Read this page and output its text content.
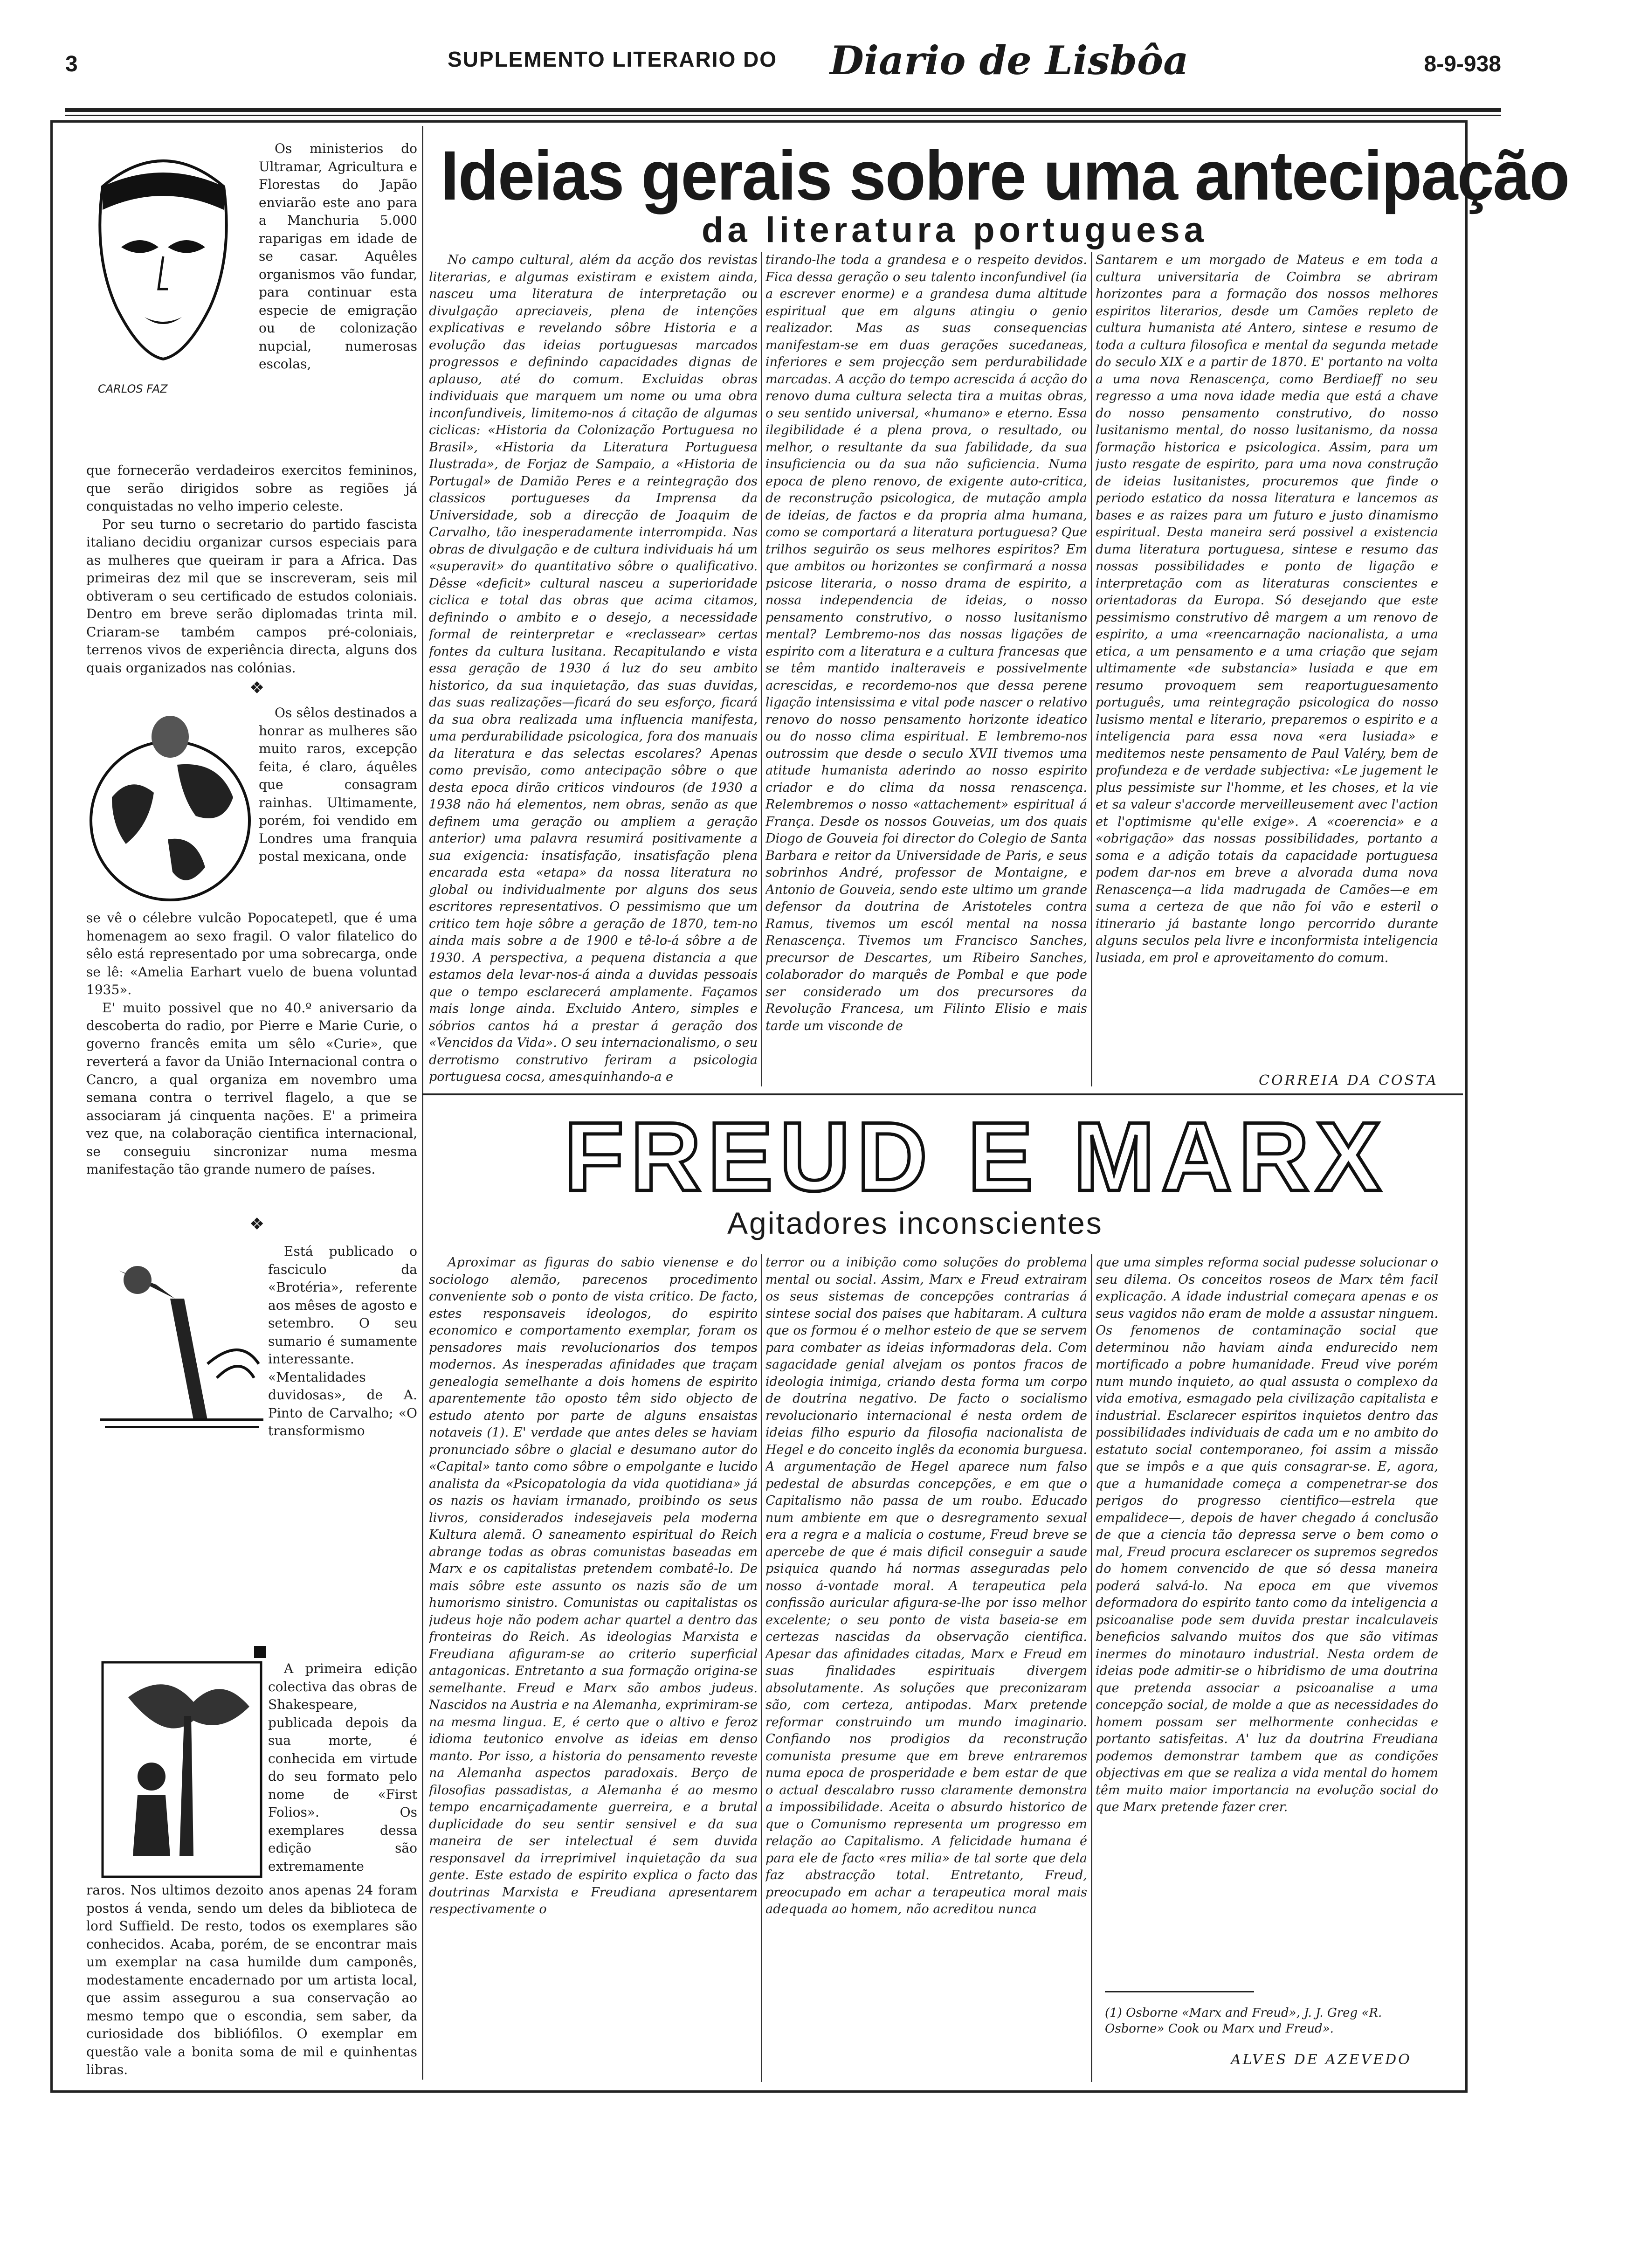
3	SUPLEMENTO LITERARIO DO Diario de Lisbôa	8-9-938
CARLOS FAZ

Os ministerios do Ultramar, Agricultura e Florestas do Japão enviarão este ano para a Manchuria 5.000 raparigas em idade de se casar. Aquêles organismos vão fundar, para continuar esta especie de emigração ou de colonização nupcial, numerosas escolas,

que fornecerão verdadeiros exercitos femininos, que serão dirigidos sobre as regiões já conquistadas no velho imperio celeste.

Por seu turno o secretario do partido fascista italiano decidiu organizar cursos especiais para as mulheres que queiram ir para a Africa. Das primeiras dez mil que se inscreveram, seis mil obtiveram o seu certificado de estudos coloniais. Dentro em breve serão diplomadas trinta mil. Criaram-se também campos pré-coloniais, terrenos vivos de experiência directa, alguns dos quais organizados nas colónias.

❖

Os sêlos destinados a honrar as mulheres são muito raros, excepção feita, é claro, áquêles que consagram rainhas. Ultimamente, porém, foi vendido em Londres uma franquia postal mexicana, onde

se vê o célebre vulcão Popocatepetl, que é uma homenagem ao sexo fragil. O valor filatelico do sêlo está representado por uma sobrecarga, onde se lê: «Amelia Earhart vuelo de buena voluntad 1935».

E' muito possivel que no 40.º aniversario da descoberta do radio, por Pierre e Marie Curie, o governo francês emita um sêlo «Curie», que reverterá a favor da União Internacional contra o Cancro, a qual organiza em novembro uma semana contra o terrivel flagelo, a que se associaram já cinquenta nações. E' a primeira vez que, na colaboração cientifica internacional, se conseguiu sincronizar numa mesma manifestação tão grande numero de países.

❖

Está publicado o fasciculo da «Brotéria», referente aos mêses de agosto e setembro. O seu sumario é sumamente interessante. «Mentalidades duvidosas», de A. Pinto de Carvalho; «O transformismo

A primeira edição colectiva das obras de Shakespeare, publicada depois da sua morte, é conhecida em virtude do seu formato pelo nome de «First Folios». Os exemplares dessa edição são extremamente

raros. Nos ultimos dezoito anos apenas 24 foram postos á venda, sendo um deles da biblioteca de lord Suffield. De resto, todos os exemplares são conhecidos. Acaba, porém, de se encontrar mais um exemplar na casa humilde dum camponês, modestamente encadernado por um artista local, que assim assegurou a sua conservação ao mesmo tempo que o escondia, sem saber, da curiosidade dos bibliófilos. O exemplar em questão vale a bonita soma de mil e quinhentas libras.

Ideias gerais sobre uma antecipação
da literatura portuguesa

No campo cultural, além da acção dos revistas literarias, e algumas existiram e existem ainda, nasceu uma literatura de interpretação ou divulgação apreciaveis, plena de intenções explicativas e revelando sôbre Historia e a evolução das ideias portuguesas marcados progressos e definindo capacidades dignas de aplauso, até do comum. Excluidas obras individuais que marquem um nome ou uma obra inconfundiveis, limitemo-nos á citação de algumas ciclicas: «Historia da Colonização Portuguesa no Brasil», «Historia da Literatura Portuguesa Ilustrada», de Forjaz de Sampaio, a «Historia de Portugal» de Damião Peres e a reintegração dos classicos portugueses da Imprensa da Universidade, sob a direcção de Joaquim de Carvalho, tão inesperadamente interrompida. Nas obras de divulgação e de cultura individuais há um «superavit» do quantitativo sôbre o qualificativo. Dêsse «deficit» cultural nasceu a superioridade ciclica e total das obras que acima citamos, definindo o ambito e o desejo, a necessidade formal de reinterpretar e «reclassear» certas fontes da cultura lusitana. Recapitulando e vista essa geração de 1930 á luz do seu ambito historico, da sua inquietação, das suas duvidas, das suas realizações—ficará do seu esforço, ficará da sua obra realizada uma influencia manifesta, uma perdurabilidade psicologica, fora dos manuais da literatura e das selectas escolares? Apenas como previsão, como antecipação sôbre o que desta epoca dirão criticos vindouros (de 1930 a 1938 não há elementos, nem obras, senão as que definem uma geração ou ampliem a geração anterior) uma palavra resumirá positivamente a sua exigencia: insatisfação, insatisfação plena encarada esta «etapa» da nossa literatura no global ou individualmente por alguns dos seus escritores representativos. O pessimismo que um critico tem hoje sôbre a geração de 1870, tem-no ainda mais sobre a de 1900 e tê-lo-á sôbre a de 1930. A perspectiva, a pequena distancia a que estamos dela levar-nos-á ainda a duvidas pessoais que o tempo esclarecerá amplamente. Façamos mais longe ainda. Excluido Antero, simples e sóbrios cantos há a prestar á geração dos «Vencidos da Vida». O seu internacionalismo, o seu derrotismo construtivo feriram a psicologia portuguesa cocsa, amesquinhando-a e

tirando-lhe toda a grandesa e o respeito devidos. Fica dessa geração o seu talento inconfundivel (ia a escrever enorme) e a grandesa duma altitude espiritual que em alguns atingiu o genio realizador. Mas as suas consequencias manifestam-se em duas gerações sucedaneas, inferiores e sem projecção sem perdurabilidade marcadas. A acção do tempo acrescida á acção do renovo duma cultura selecta tira a muitas obras, o seu sentido universal, «humano» e eterno. Essa ilegibilidade é a plena prova, o resultado, ou melhor, o resultante da sua fabilidade, da sua insuficiencia ou da sua não suficiencia. Numa epoca de pleno renovo, de exigente auto-critica, de reconstrução psicologica, de mutação ampla de ideias, de factos e da propria alma humana, como se comportará a literatura portuguesa? Que trilhos seguirão os seus melhores espiritos? Em que ambitos ou horizontes se confirmará a nossa psicose literaria, o nosso drama de espirito, a nossa independencia de ideias, o nosso pensamento construtivo, o nosso lusitanismo mental? Lembremo-nos das nossas ligações de espirito com a literatura e a cultura francesas que se têm mantido inalteraveis e possivelmente acrescidas, e recordemo-nos que dessa perene ligação intensissima e vital pode nascer o relativo renovo do nosso pensamento horizonte ideatico ou do nosso clima espiritual. E lembremo-nos outrossim que desde o seculo XVII tivemos uma atitude humanista aderindo ao nosso espirito criador e do clima da nossa renascença. Relembremos o nosso «attachement» espiritual á França. Desde os nossos Gouveias, um dos quais Diogo de Gouveia foi director do Colegio de Santa Barbara e reitor da Universidade de Paris, e seus sobrinhos André, professor de Montaigne, e Antonio de Gouveia, sendo este ultimo um grande defensor da doutrina de Aristoteles contra Ramus, tivemos um escól mental na nossa Renascença. Tivemos um Francisco Sanches, precursor de Descartes, um Ribeiro Sanches, colaborador do marquês de Pombal e que pode ser considerado um dos precursores da Revolução Francesa, um Filinto Elisio e mais tarde um visconde de

Santarem e um morgado de Mateus e em toda a cultura universitaria de Coimbra se abriram horizontes para a formação dos nossos melhores espiritos literarios, desde um Camões repleto de cultura humanista até Antero, sintese e resumo de toda a cultura filosofica e mental da segunda metade do seculo XIX e a partir de 1870. E' portanto na volta a uma nova Renascença, como Berdiaeff no seu regresso a uma nova idade media que está a chave do nosso pensamento construtivo, do nosso lusitanismo mental, do nosso lusitanismo, da nossa formação historica e psicologica. Assim, para um justo resgate de espirito, para uma nova construção de ideias lusitanistes, procuremos que finde o periodo estatico da nossa literatura e lancemos as bases e as raizes para um futuro e justo dinamismo espiritual. Desta maneira será possivel a existencia duma literatura portuguesa, sintese e resumo das nossas possibilidades e ponto de ligação e interpretação com as literaturas conscientes e orientadoras da Europa. Só desejando que este pessimismo construtivo dê margem a um renovo de espirito, a uma «reencarnação nacionalista, a uma etica, a um pensamento e a uma criação que sejam ultimamente «de substancia» lusiada e que em resumo provoquem sem reaportuguesamento português, uma reintegração psicologica do nosso lusismo mental e literario, preparemos o espirito e a inteligencia para essa nova «era lusiada» e meditemos neste pensamento de Paul Valéry, bem de profundeza e de verdade subjectiva: «Le jugement le plus pessimiste sur l'homme, et les choses, et la vie et sa valeur s'accorde merveilleusement avec l'action et l'optimisme qu'elle exige». A «coerencia» e a «obrigação» das nossas possibilidades, portanto a soma e a adição totais da capacidade portuguesa podem dar-nos em breve a alvorada duma nova Renascença—a lida madrugada de Camões—e em suma a certeza de que não foi vão e esteril o itinerario já bastante longo percorrido durante alguns seculos pela livre e inconformista inteligencia lusiada, em prol e aproveitamento do comum.

CORREIA DA COSTA
FREUD E MARX
Agitadores inconscientes

Aproximar as figuras do sabio vienense e do sociologo alemão, parecenos procedimento conveniente sob o ponto de vista critico. De facto, estes responsaveis ideologos, do espirito economico e comportamento exemplar, foram os pensadores mais revolucionarios dos tempos modernos. As inesperadas afinidades que traçam genealogia semelhante a dois homens de espirito aparentemente tão oposto têm sido objecto de estudo atento por parte de alguns ensaistas notaveis (1). E' verdade que antes deles se haviam pronunciado sôbre o glacial e desumano autor do «Capital» tanto como sôbre o empolgante e lucido analista da «Psicopatologia da vida quotidiana» já os nazis os haviam irmanado, proibindo os seus livros, considerados indesejaveis pela moderna Kultura alemã. O saneamento espiritual do Reich abrange todas as obras comunistas baseadas em Marx e os capitalistas pretendem combatê-lo. De mais sôbre este assunto os nazis são de um humorismo sinistro. Comunistas ou capitalistas os judeus hoje não podem achar quartel a dentro das fronteiras do Reich. As ideologias Marxista e Freudiana afiguram-se ao criterio superficial antagonicas. Entretanto a sua formação origina-se semelhante. Freud e Marx são ambos judeus. Nascidos na Austria e na Alemanha, exprimiram-se na mesma lingua. E, é certo que o altivo e feroz idioma teutonico envolve as ideias em denso manto. Por isso, a historia do pensamento reveste na Alemanha aspectos paradoxais. Berço de filosofias passadistas, a Alemanha é ao mesmo tempo encarniçadamente guerreira, e a brutal duplicidade do seu sentir sensivel e da sua maneira de ser intelectual é sem duvida responsavel da irreprimivel inquietação da sua gente. Este estado de espirito explica o facto das doutrinas Marxista e Freudiana apresentarem respectivamente o

terror ou a inibição como soluções do problema mental ou social. Assim, Marx e Freud extrairam os seus sistemas de concepções contrarias á sintese social dos paises que habitaram. A cultura que os formou é o melhor esteio de que se servem para combater as ideias informadoras dela. Com sagacidade genial alvejam os pontos fracos de ideologia inimiga, criando desta forma um corpo de doutrina negativo. De facto o socialismo revolucionario internacional é nesta ordem de ideias filho espurio da filosofia nacionalista de Hegel e do conceito inglês da economia burguesa. A argumentação de Hegel aparece num falso pedestal de absurdas concepções, e em que o Capitalismo não passa de um roubo. Educado num ambiente em que o desregramento sexual era a regra e a malicia o costume, Freud breve se apercebe de que é mais dificil conseguir a saude psiquica quando há normas asseguradas pelo nosso á-vontade moral. A terapeutica pela confissão auricular afigura-se-lhe por isso melhor excelente; o seu ponto de vista baseia-se em certezas nascidas da observação cientifica. Apesar das afinidades citadas, Marx e Freud em suas finalidades espirituais divergem absolutamente. As soluções que preconizaram são, com certeza, antipodas. Marx pretende reformar construindo um mundo imaginario. Confiando nos prodigios da reconstrução comunista presume que em breve entraremos numa epoca de prosperidade e bem estar de que o actual descalabro russo claramente demonstra a impossibilidade. Aceita o absurdo historico de que o Comunismo representa um progresso em relação ao Capitalismo. A felicidade humana é para ele de facto «res milia» de tal sorte que dela faz abstracção total. Entretanto, Freud, preocupado em achar a terapeutica moral mais adequada ao homem, não acreditou nunca

que uma simples reforma social pudesse solucionar o seu dilema. Os conceitos roseos de Marx têm facil explicação. A idade industrial começara apenas e os seus vagidos não eram de molde a assustar ninguem. Os fenomenos de contaminação social que determinou não haviam ainda endurecido nem mortificado a pobre humanidade. Freud vive porém num mundo inquieto, ao qual assusta o complexo da vida emotiva, esmagado pela civilização capitalista e industrial. Esclarecer espiritos inquietos dentro das possibilidades individuais de cada um e no ambito do estatuto social contemporaneo, foi assim a missão que se impôs e a que quis consagrar-se. E, agora, que a humanidade começa a compenetrar-se dos perigos do progresso cientifico—estrela que empalidece—, depois de haver chegado á conclusão de que a ciencia tão depressa serve o bem como o mal, Freud procura esclarecer os supremos segredos do homem convencido de que só dessa maneira poderá salvá-lo. Na epoca em que vivemos deformadora do espirito tanto como da inteligencia a psicoanalise pode sem duvida prestar incalculaveis beneficios salvando muitos dos que são vitimas inermes do minotauro industrial. Nesta ordem de ideias pode admitir-se o hibridismo de uma doutrina que pretenda associar a psicoanalise a uma concepção social, de molde a que as necessidades do homem possam ser melhormente conhecidas e portanto satisfeitas. A' luz da doutrina Freudiana podemos demonstrar tambem que as condições objectivas em que se realiza a vida mental do homem têm muito maior importancia na evolução social do que Marx pretende fazer crer.

(1) Osborne «Marx and Freud», J. J. Greg «R. Osborne» Cook ou Marx und Freud».
ALVES DE AZEVEDO
